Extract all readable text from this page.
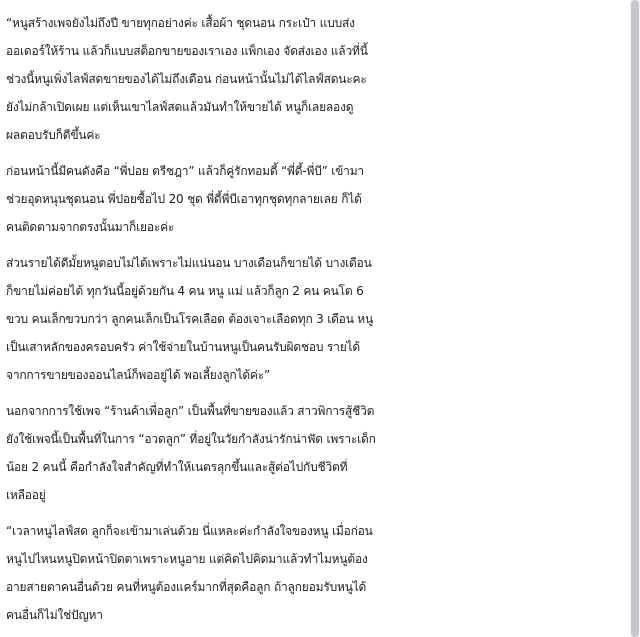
“หนูสร้างเพจยังไม่ถึงปี ขายทุกอย่างค่ะ เสื้อผ้า ชุดนอน กระเป๋า แบบส่ง
ออเดอร์ให้ร้าน แล้วก็แบบสต็อกขายของเราเอง แพ็กเอง จัดส่งเอง แล้วที่นี้
ช่วงนี้หนูเพิ่งไลฟ์สดขายของได้ไม่ถึงเดือน ก่อนหน้านั้นไม่ได้ไลฟ์สดนะคะ
ยังไม่กล้าเปิดเผย แต่เห็นเขาไลฟ์สดแล้วมันทำให้ขายได้ หนูก็เลยลองดู
ผลตอบรับก็ดีขึ้นค่ะ
ก่อนหน้านี้มีคนดังคือ “พี่ปอย ตรีชฎา” แล้วก็คู่รักทอมดี้ “พี่ดี้-พี่บี” เข้ามา
ช่วยอุดหนุนชุดนอน พี่ปอยซื้อไป 20 ชุด พี่ดี้พี่บีเอาทุกชุดทุกลายเลย ก็ได้
คนติดตามจากตรงนั้นมาก็เยอะค่ะ
ส่วนรายได้ดีมั้ยหนูตอบไม่ได้เพราะไม่แน่นอน บางเดือนก็ขายได้ บางเดือน
ก็ขายไม่ค่อยได้ ทุกวันนี้อยู่ด้วยกัน 4 คน หนู แม่ แล้วก็ลูก 2 คน คนโต 6
ขวบ คนเล็กขวบกว่า ลูกคนเล็กเป็นโรคเลือด ต้องเจาะเลือดทุก 3 เดือน หนู
เป็นเสาหลักของครอบครัว ค่าใช้จ่ายในบ้านหนูเป็นคนรับผิดชอบ รายได้
จากการขายของออนไลน์ก็พออยู่ได้ พอเลี้ยงลูกได้ค่ะ”
นอกจากการใช้เพจ “ร้านค้าเพื่อลูก” เป็นพื้นที่ขายของแล้ว สาวพิการสู้ชีวิต
ยังใช้เพจนี้เป็นพื้นที่ในการ “อวดลูก” ที่อยู่ในวัยกำลังน่ารักน่าฟัด เพราะเด็ก
น้อย 2 คนนี้ คือกำลังใจสำคัญที่ทำให้เนตรลุกขึ้นและสู้ต่อไปกับชีวิตที่
เหลืออยู่
“เวลาหนูไลฟ์สด ลูกก็จะเข้ามาเล่นด้วย นี่แหละค่ะกำลังใจของหนู เมื่อก่อน
หนูไปไหนหนูปิดหน้าปิดตาเพราะหนูอาย แต่คิดไปคิดมาแล้วทำไมหนูต้อง
อายสายตาคนอื่นด้วย คนที่หนูต้องแคร์มากที่สุดคือลูก ถ้าลูกยอมรับหนูได้
คนอื่นก็ไม่ใช่ปัญหา
